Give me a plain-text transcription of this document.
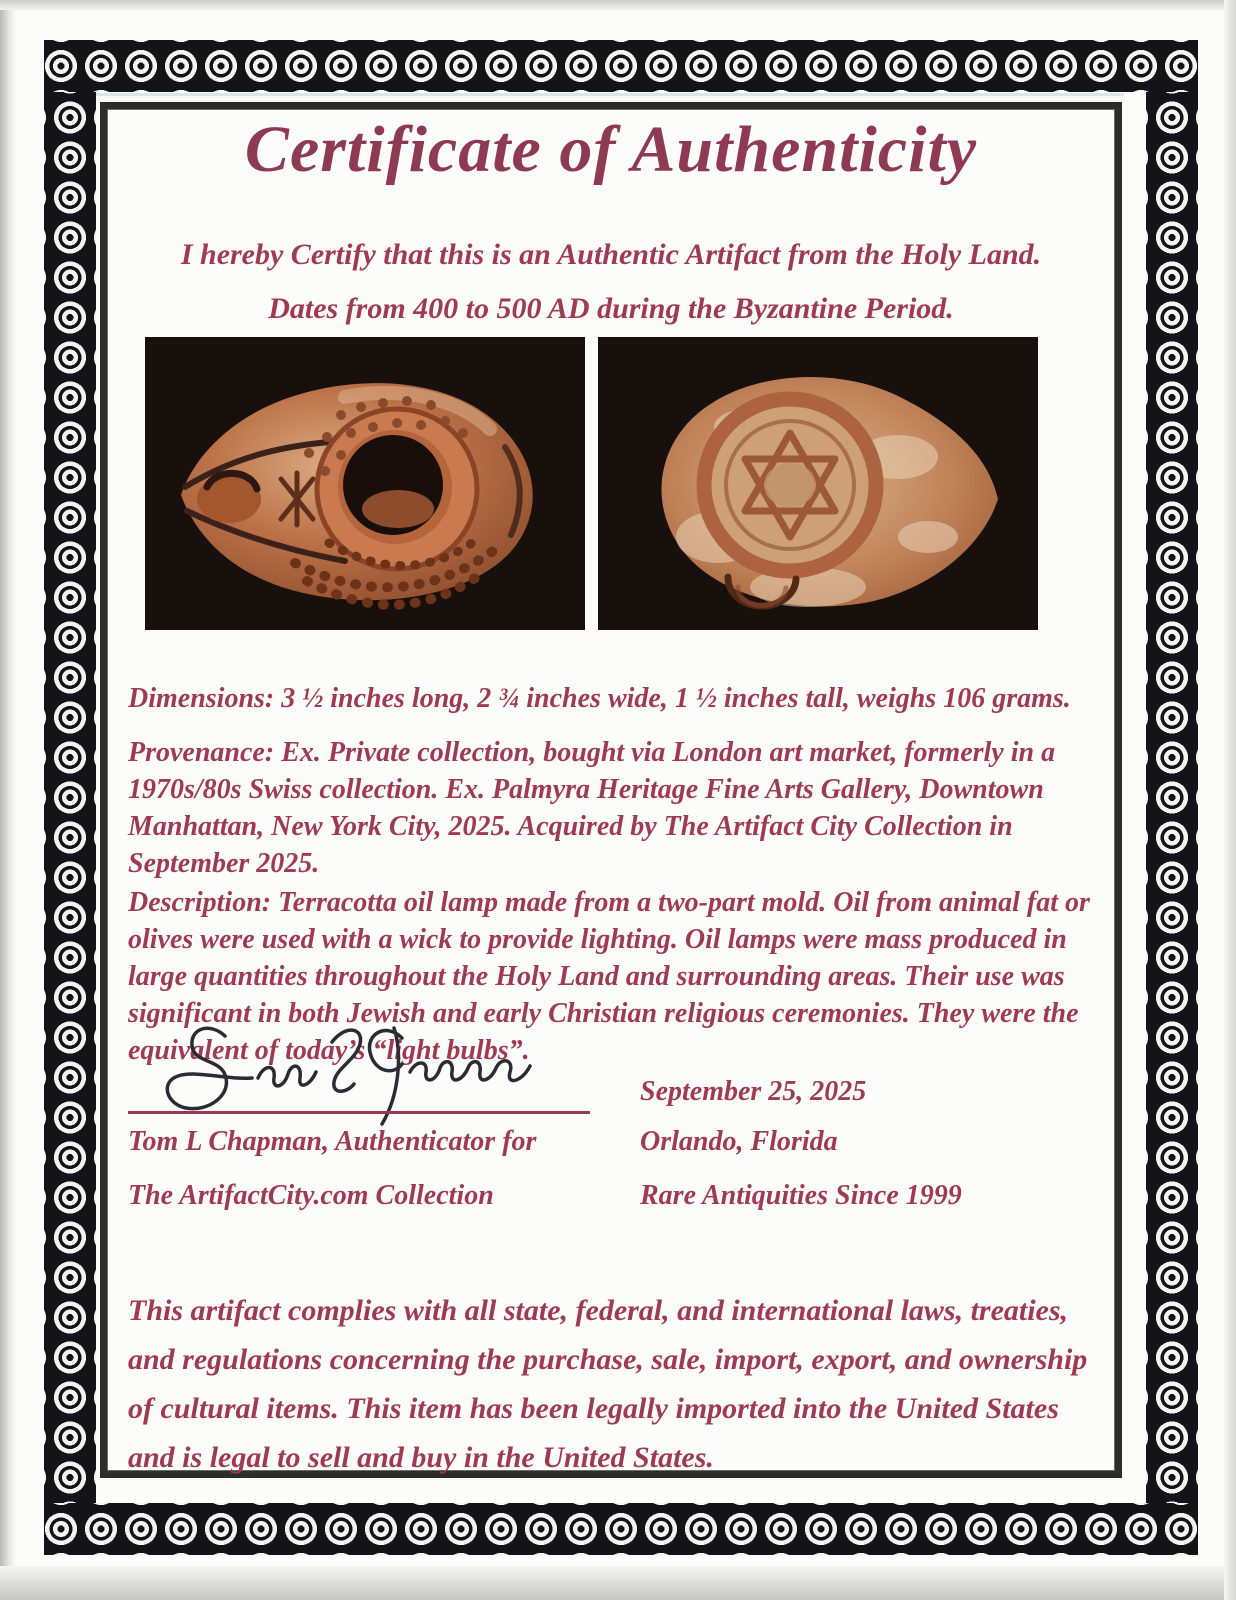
Certificate of Authenticity
I hereby Certify that this is an Authentic Artifact from the Holy Land.
Dates from 400 to 500 AD during the Byzantine Period.

Dimensions: 3 ½ inches long, 2 ¾ inches wide, 1 ½ inches tall, weighs 106 grams.

Provenance: Ex. Private collection, bought via London art market, formerly in a 1970s/80s Swiss collection. Ex. Palmyra Heritage Fine Arts Gallery, Downtown Manhattan, New York City, 2025. Acquired by The Artifact City Collection in September 2025.

Description: Terracotta oil lamp made from a two-part mold. Oil from animal fat or olives were used with a wick to provide lighting. Oil lamps were mass produced in large quantities throughout the Holy Land and surrounding areas. Their use was significant in both Jewish and early Christian religious ceremonies. They were the equivalent of today’s “light bulbs”.

Tom L Chapman, Authenticator for
The ArtifactCity.com Collection
September 25, 2025
Orlando, Florida
Rare Antiquities Since 1999

This artifact complies with all state, federal, and international laws, treaties, and regulations concerning the purchase, sale, import, export, and ownership of cultural items. This item has been legally imported into the United States and is legal to sell and buy in the United States.
